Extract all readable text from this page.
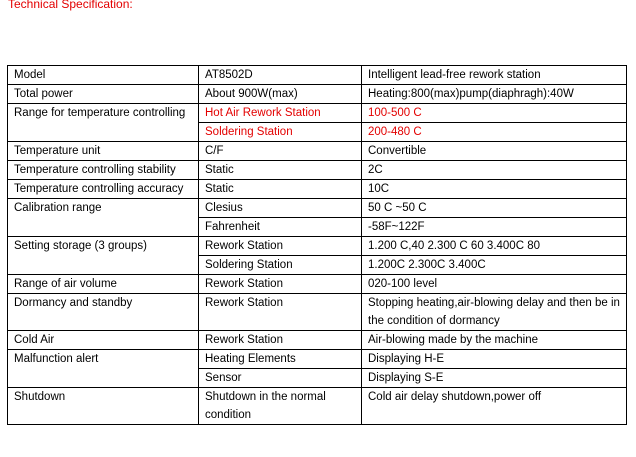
Technical Specification:
Model	AT8502D	Intelligent lead-free rework station
Total power	About 900W(max)	Heating:800(max)pump(diaphragh):40W
Range for temperature controlling	Hot Air Rework Station	100-500 C
	Soldering Station	200-480 C
Temperature unit	C/F	Convertible
Temperature controlling stability	Static	2C
Temperature controlling accuracy	Static	10C
Calibration range	Clesius	50 C ~50 C
	Fahrenheit	-58F~122F
Setting storage (3 groups)	Rework Station	1.200 C,40 2.300 C 60 3.400C 80
	Soldering Station	1.200C 2.300C 3.400C
Range of air volume	Rework Station	020-100 level
Dormancy and standby	Rework Station	Stopping heating,air-blowing delay and then be in the condition of dormancy
Cold Air	Rework Station	Air-blowing made by the machine
Malfunction alert	Heating Elements	Displaying H-E
	Sensor	Displaying S-E
Shutdown	Shutdown in the normal condition	Cold air delay shutdown,power off
